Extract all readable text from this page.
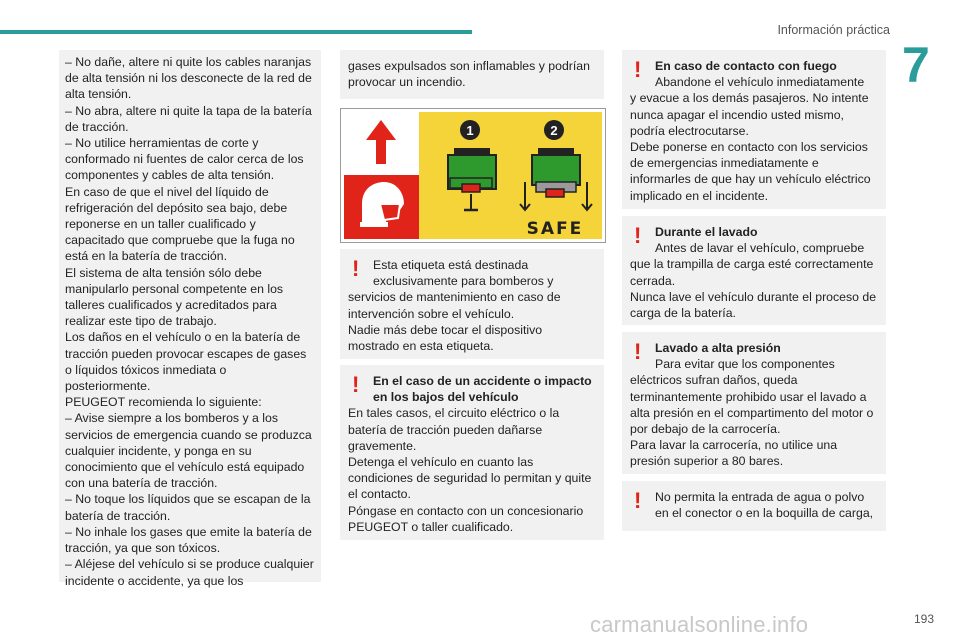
Información práctica
7

– No dañe, altere ni quite los cables naranjas de alta tensión ni los desconecte de la red de alta tensión.
– No abra, altere ni quite la tapa de la batería de tracción.
– No utilice herramientas de corte y conformado ni fuentes de calor cerca de los componentes y cables de alta tensión.
En caso de que el nivel del líquido de refrigeración del depósito sea bajo, debe reponerse en un taller cualificado y capacitado que compruebe que la fuga no está en la batería de tracción.
El sistema de alta tensión sólo debe manipularlo personal competente en los talleres cualificados y acreditados para realizar este tipo de trabajo.
Los daños en el vehículo o en la batería de tracción pueden provocar escapes de gases o líquidos tóxicos inmediata o posteriormente.
PEUGEOT recomienda lo siguiente:
– Avise siempre a los bomberos y a los servicios de emergencia cuando se produzca cualquier incidente, y ponga en su conocimiento que el vehículo está equipado con una batería de tracción.
– No toque los líquidos que se escapan de la batería de tracción.
– No inhale los gases que emite la batería de tracción, ya que son tóxicos.
– Aléjese del vehículo si se produce cualquier incidente o accidente, ya que los

gases expulsados son inflamables y podrían provocar un incendio.

1	2
SAFE
!	Esta etiqueta está destinada

exclusivamente para bomberos y
servicios de mantenimiento en caso de intervención sobre el vehículo.
Nadie más debe tocar el dispositivo mostrado en esta etiqueta.

!	En el caso de un accidente o impacto en los bajos del vehículo

En tales casos, el circuito eléctrico o la batería de tracción pueden dañarse gravemente.
Detenga el vehículo en cuanto las condiciones de seguridad lo permitan y quite el contacto.
Póngase en contacto con un concesionario PEUGEOT o taller cualificado.

!	En caso de contacto con fuego

Abandone el vehículo inmediatamente

y evacue a los demás pasajeros. No intente nunca apagar el incendio usted mismo, podría electrocutarse.
Debe ponerse en contacto con los servicios de emergencias inmediatamente e informarles de que hay un vehículo eléctrico implicado en el incidente.

!	Durante el lavado

Antes de lavar el vehículo, compruebe

que la trampilla de carga esté correctamente cerrada.
Nunca lave el vehículo durante el proceso de carga de la batería.

!	Lavado a alta presión

Para evitar que los componentes

eléctricos sufran daños, queda terminantemente prohibido usar el lavado a alta presión en el compartimento del motor o por debajo de la carrocería.
Para lavar la carrocería, no utilice una presión superior a 80 bares.

!	No permita la entrada de agua o polvo en el conector o en la boquilla de carga,

carmanualsonline.info	193
